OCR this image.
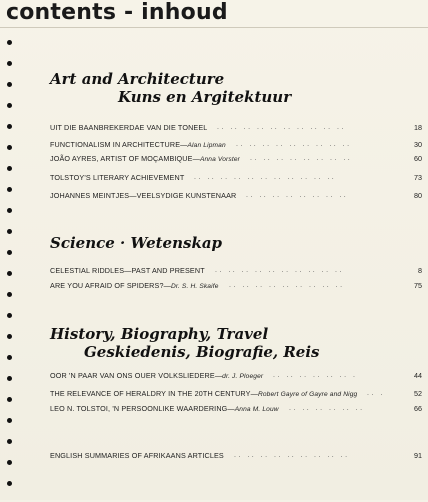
contents - inhoud
Art and Architecture
Kuns en Argitektuur
Science · Wetenskap
History, Biography, Travel
Geskiedenis, Biografie, Reis
UIT DIE BAANBREKERDAE VAN DIE TONEEL	18
.. .. .. .. .. .. .. .. .. ..
FUNCTIONALISM IN ARCHITECTURE—Alan Lipman	30
.. .. .. .. .. .. .. .. ..
JOÃO AYRES, ARTIST OF MOÇAMBIQUE—Anna Vorster	60
.. .. .. .. .. .. .. ..
TOLSTOY'S LITERARY ACHIEVEMENT	73
.. .. .. .. .. .. .. .. .. .. ..
JOHANNES MEINTJES—VEELSYDIGE KUNSTENAAR	80
.. .. .. .. .. .. .. ..
CELESTIAL RIDDLES—PAST AND PRESENT	8
.. .. .. .. .. .. .. .. .. ..
ARE YOU AFRAID OF SPIDERS?—Dr. S. H. Skaife	75
.. .. .. .. .. .. .. .. ..
OOR 'N PAAR VAN ONS OUER VOLKSLIEDERE—dr. J. Ploeger	44
.. .. .. .. .. .. .
THE RELEVANCE OF HERALDRY IN THE 20TH CENTURY—Robert Gayre of Gayre and Nigg	52
.. .
LEO N. TOLSTOI, 'N PERSOONLIKE WAARDERING—Anna M. Louw	66
.. .. .. .. .. ..
ENGLISH SUMMARIES OF AFRIKAANS ARTICLES	91
.. .. .. .. .. .. .. .. ..
